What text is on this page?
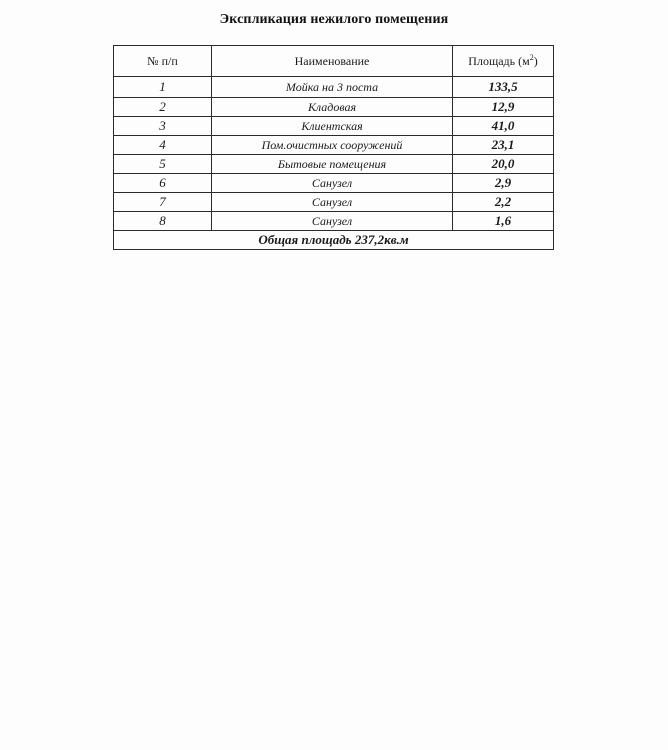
Экспликация нежилого помещения
№ п/п	Наименование	Площадь $(м^2)$
1	Мойка на 3 поста	133,5
2	Кладовая	12,9
3	Клиентская	41,0
4	Пом.очистных сооружений	23,1
5	Бытовые помещения	20,0
6	Санузел	2,9
7	Санузел	2,2
8	Санузел	1,6
Общая площадь 237,2кв.м		
